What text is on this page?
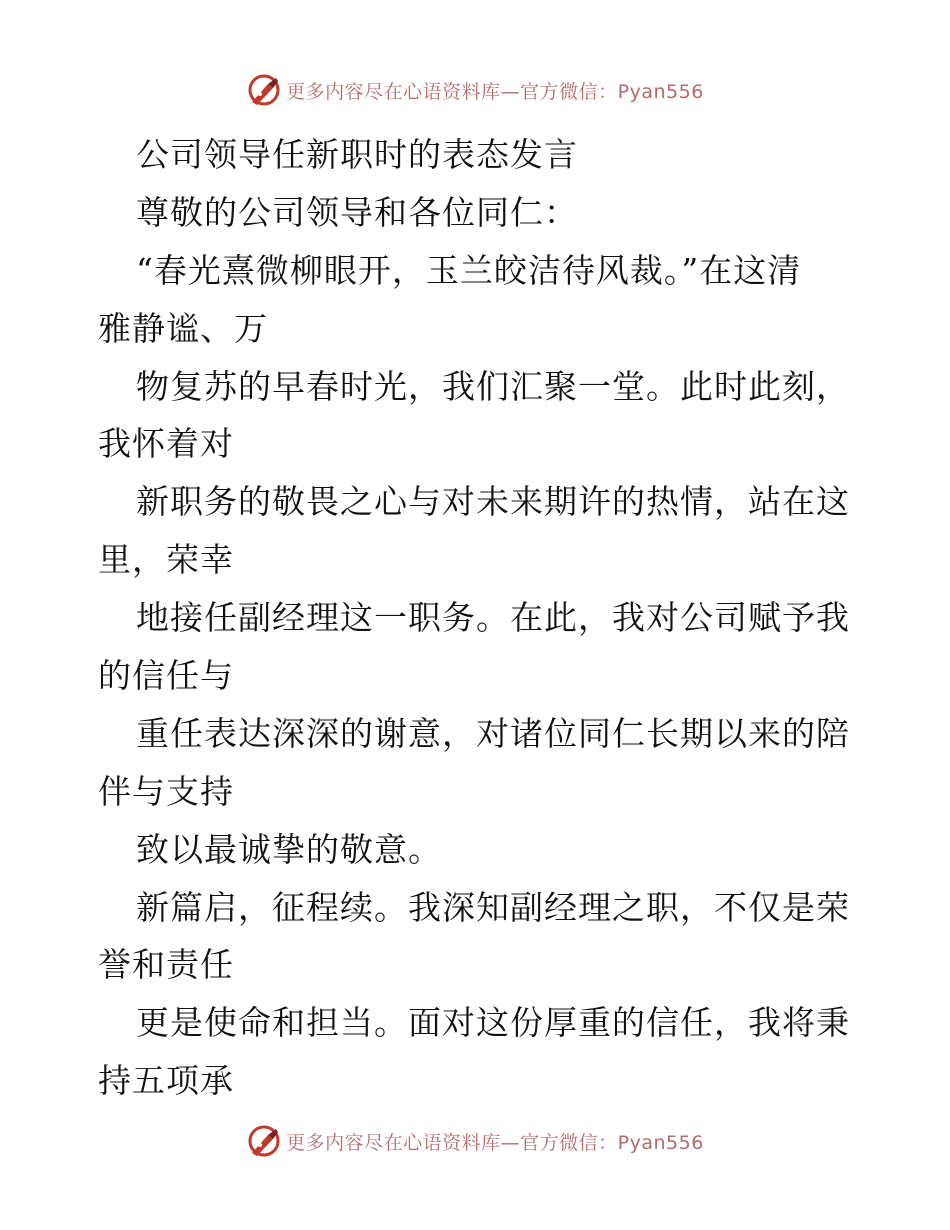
更多内容尽在心语资料库—官方微信：Pyan556
公司领导任新职时的表态发言
尊敬的公司领导和各位同仁：
“春光熹微柳眼开，玉兰皎洁待风裁。”在这清
雅静谧、万
物复苏的早春时光，我们汇聚一堂。此时此刻，
我怀着对
新职务的敬畏之心与对未来期许的热情，站在这
里，荣幸
地接任副经理这一职务。在此，我对公司赋予我
的信任与
重任表达深深的谢意，对诸位同仁长期以来的陪
伴与支持
致以最诚挚的敬意。
新篇启，征程续。我深知副经理之职，不仅是荣
誉和责任
更是使命和担当。面对这份厚重的信任，我将秉
持五项承
更多内容尽在心语资料库—官方微信：Pyan556
